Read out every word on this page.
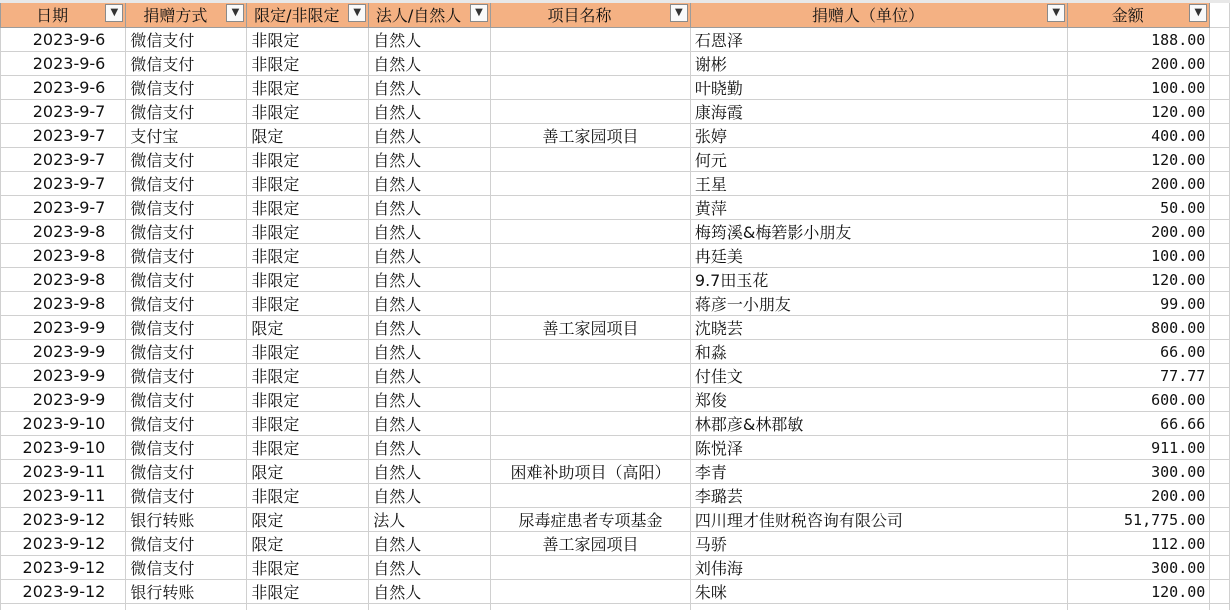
日期 ▼	捐赠方式 ▼	限定/非限定 ▼	法人/自然人 ▼	项目名称 ▼	捐赠人（单位） ▼	金额 ▼	

2023-9-6	微信支付	非限定	自然人		石恩泽	188.00	
2023-9-6	微信支付	非限定	自然人		谢彬	200.00	
2023-9-6	微信支付	非限定	自然人		叶晓勤	100.00	
2023-9-7	微信支付	非限定	自然人		康海霞	120.00	
2023-9-7	支付宝	限定	自然人	善工家园项目	张婷	400.00	
2023-9-7	微信支付	非限定	自然人		何元	120.00	
2023-9-7	微信支付	非限定	自然人		王星	200.00	
2023-9-7	微信支付	非限定	自然人		黄萍	50.00	
2023-9-8	微信支付	非限定	自然人		梅筠溪&梅箬影小朋友	200.00	
2023-9-8	微信支付	非限定	自然人		冉廷美	100.00	
2023-9-8	微信支付	非限定	自然人		9.7田玉花	120.00	
2023-9-8	微信支付	非限定	自然人		蒋彦一小朋友	99.00	
2023-9-9	微信支付	限定	自然人	善工家园项目	沈晓芸	800.00	
2023-9-9	微信支付	非限定	自然人		和淼	66.00	
2023-9-9	微信支付	非限定	自然人		付佳文	77.77	
2023-9-9	微信支付	非限定	自然人		郑俊	600.00	
2023-9-10	微信支付	非限定	自然人		林郡彦&林郡敏	66.66	
2023-9-10	微信支付	非限定	自然人		陈悦泽	911.00	
2023-9-11	微信支付	限定	自然人	困难补助项目（高阳）	李青	300.00	
2023-9-11	微信支付	非限定	自然人		李璐芸	200.00	
2023-9-12	银行转账	限定	法人	尿毒症患者专项基金	四川理才佳财税咨询有限公司	51,775.00	
2023-9-12	微信支付	限定	自然人	善工家园项目	马骄	112.00	
2023-9-12	微信支付	非限定	自然人		刘伟海	300.00	
2023-9-12	银行转账	非限定	自然人		朱咪	120.00	
